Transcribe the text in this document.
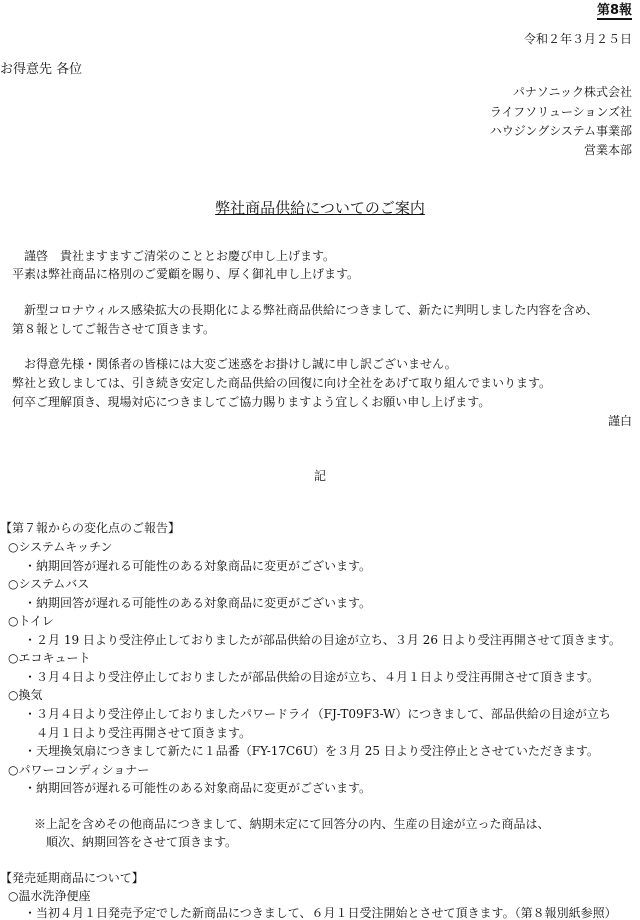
第8報
令和２年３月２５日
お得意先 各位
パナソニック株式会社
ライフソリューションズ社
ハウジングシステム事業部
営業本部
弊社商品供給についてのご案内
謹啓　貴社ますますご清栄のこととお慶び申し上げます。
平素は弊社商品に格別のご愛顧を賜り、厚く御礼申し上げます。
新型コロナウィルス感染拡大の長期化による弊社商品供給につきまして、新たに判明しました内容を含め、
第８報としてご報告させて頂きます。
お得意先様・関係者の皆様には大変ご迷惑をお掛けし誠に申し訳ございません。
弊社と致しましては、引き続き安定した商品供給の回復に向け全社をあげて取り組んでまいります。
何卒ご理解頂き、現場対応につきましてご協力賜りますよう宜しくお願い申し上げます。
謹白
記
【第７報からの変化点のご報告】
○システムキッチン
・納期回答が遅れる可能性のある対象商品に変更がございます。
○システムバス
・納期回答が遅れる可能性のある対象商品に変更がございます。
○トイレ
・２月 19 日より受注停止しておりましたが部品供給の目途が立ち、３月 26 日より受注再開させて頂きます。
○エコキュート
・３月４日より受注停止しておりましたが部品供給の目途が立ち、４月１日より受注再開させて頂きます。
○換気
・３月４日より受注停止しておりましたパワードライ（FJ-T09F3-W）につきまして、部品供給の目途が立ち
　４月１日より受注再開させて頂きます。
・天埋換気扇につきまして新たに１品番（FY-17C6U）を３月 25 日より受注停止とさせていただきます。
○パワーコンディショナー
・納期回答が遅れる可能性のある対象商品に変更がございます。
※上記を含めその他商品につきまして、納期未定にて回答分の内、生産の目途が立った商品は、
　順次、納期回答をさせて頂きます。
【発売延期商品について】
○温水洗浄便座
・当初４月１日発売予定でした新商品につきまして、６月１日受注開始とさせて頂きます。（第８報別紙参照）
